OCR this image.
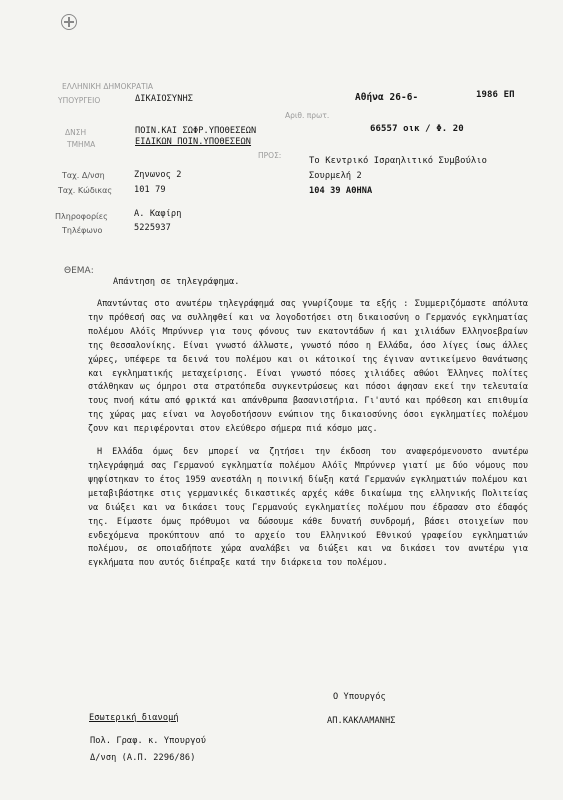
ΕΛΛΗΝΙΚΗ ΔΗΜΟΚΡΑΤΙΑ
ΥΠΟΥΡΓΕΙΟ	ΔΙΚΑΙΟΣΥΝΗΣ	Αθήνα 26-6-	1986 ΕΠ
Αριθ. πρωτ.
66557 οικ / Φ. 20
ΔΝΣΗ	ΠΟΙΝ.ΚΑΙ ΣΩΦΡ.ΥΠΟΘΕΣΕΩΝ
ΤΜΗΜΑ	ΕΙΔΙΚΩΝ ΠΟΙΝ.ΥΠΟΘΕΣΕΩΝ
ΠΡΟΣ:
Το Κεντρικό Ισραηλιτικό Συμβούλιο
Σουρμελή 2
104 39 ΑΘΗΝΑ
Ταχ. Δ/νση	Ζηνωνος 2
Ταχ. Κώδικας	101 79
Πληροφορίες	Α. Καφίρη
Τηλέφωνο	5225937
ΘΕΜΑ:
Απάντηση σε τηλεγράφημα.

Απαντώντας στο ανωτέρω τηλεγράφημά σας γνωρίζουμε τα εξής : Συμμεριζόμαστε απόλυτα την πρόθεσή σας να συλληφθεί και να λογοδοτήσει στη δικαιοσύνη ο Γερμανός εγκληματίας πολέμου Αλόϊς Μπρύννερ για τους φόνους των εκατοντάδων ή και χιλιάδων Ελληνοεβραίων της Θεσσαλονίκης. Είναι γνωστό άλλωστε, γνωστό πόσο η Ελλάδα, όσο λίγες ίσως άλλες χώρες, υπέφερε τα δεινά του πολέμου και οι κάτοικοί της έγιναν αντικείμενο θανάτωσης και εγκληματικής μεταχείρισης. Είναι γνωστό πόσες χιλιάδες αθώοι Έλληνες πολίτες στάλθηκαν ως όμηροι στα στρατόπεδα συγκεντρώσεως και πόσοι άφησαν εκεί την τελευταία τους πνοή κάτω από φρικτά και απάνθρωπα βασανιστήρια. Γι'αυτό και πρόθεση και επιθυμία της χώρας μας είναι να λογοδοτήσουν ενώπιον της δικαιοσύνης όσοι εγκληματίες πολέμου ζουν και περιφέρονται στον ελεύθερο σήμερα πιά κόσμο μας.

Η Ελλάδα όμως δεν μπορεί να ζητήσει την έκδοση του αναφερόμενουστο ανωτέρω τηλεγράφημά σας Γερμανού εγκληματία πολέμου Αλόϊς Μπρύννερ γιατί με δύο νόμους που ψηφίστηκαν το έτος 1959 ανεστάλη η ποινική δίωξη κατά Γερμανών εγκληματιών πολέμου και μεταβιβάστηκε στις γερμανικές δικαστικές αρχές κάθε δικαίωμα της ελληνικής Πολιτείας να διώξει και να δικάσει τους Γερμανούς εγκληματίες πολέμου που έδρασαν στο έδαφός της. Είμαστε όμως πρόθυμοι να δώσουμε κάθε δυνατή συνδρομή, βάσει στοιχείων που ενδεχόμενα προκύπτουν από το αρχείο του Ελληνικού Εθνικού γραφείου εγκληματιών πολέμου, σε οποιαδήποτε χώρα αναλάβει να διώξει και να δικάσει τον ανωτέρω για εγκλήματα που αυτός διέπραξε κατά την διάρκεια του πολέμου.

Ο Υπουργός
ΑΠ.ΚΑΚΛΑΜΑΝΗΣ
Εσωτερική διανομή
Πολ. Γραφ. κ. Υπουργού
Δ/νση (Α.Π. 2296/86)
